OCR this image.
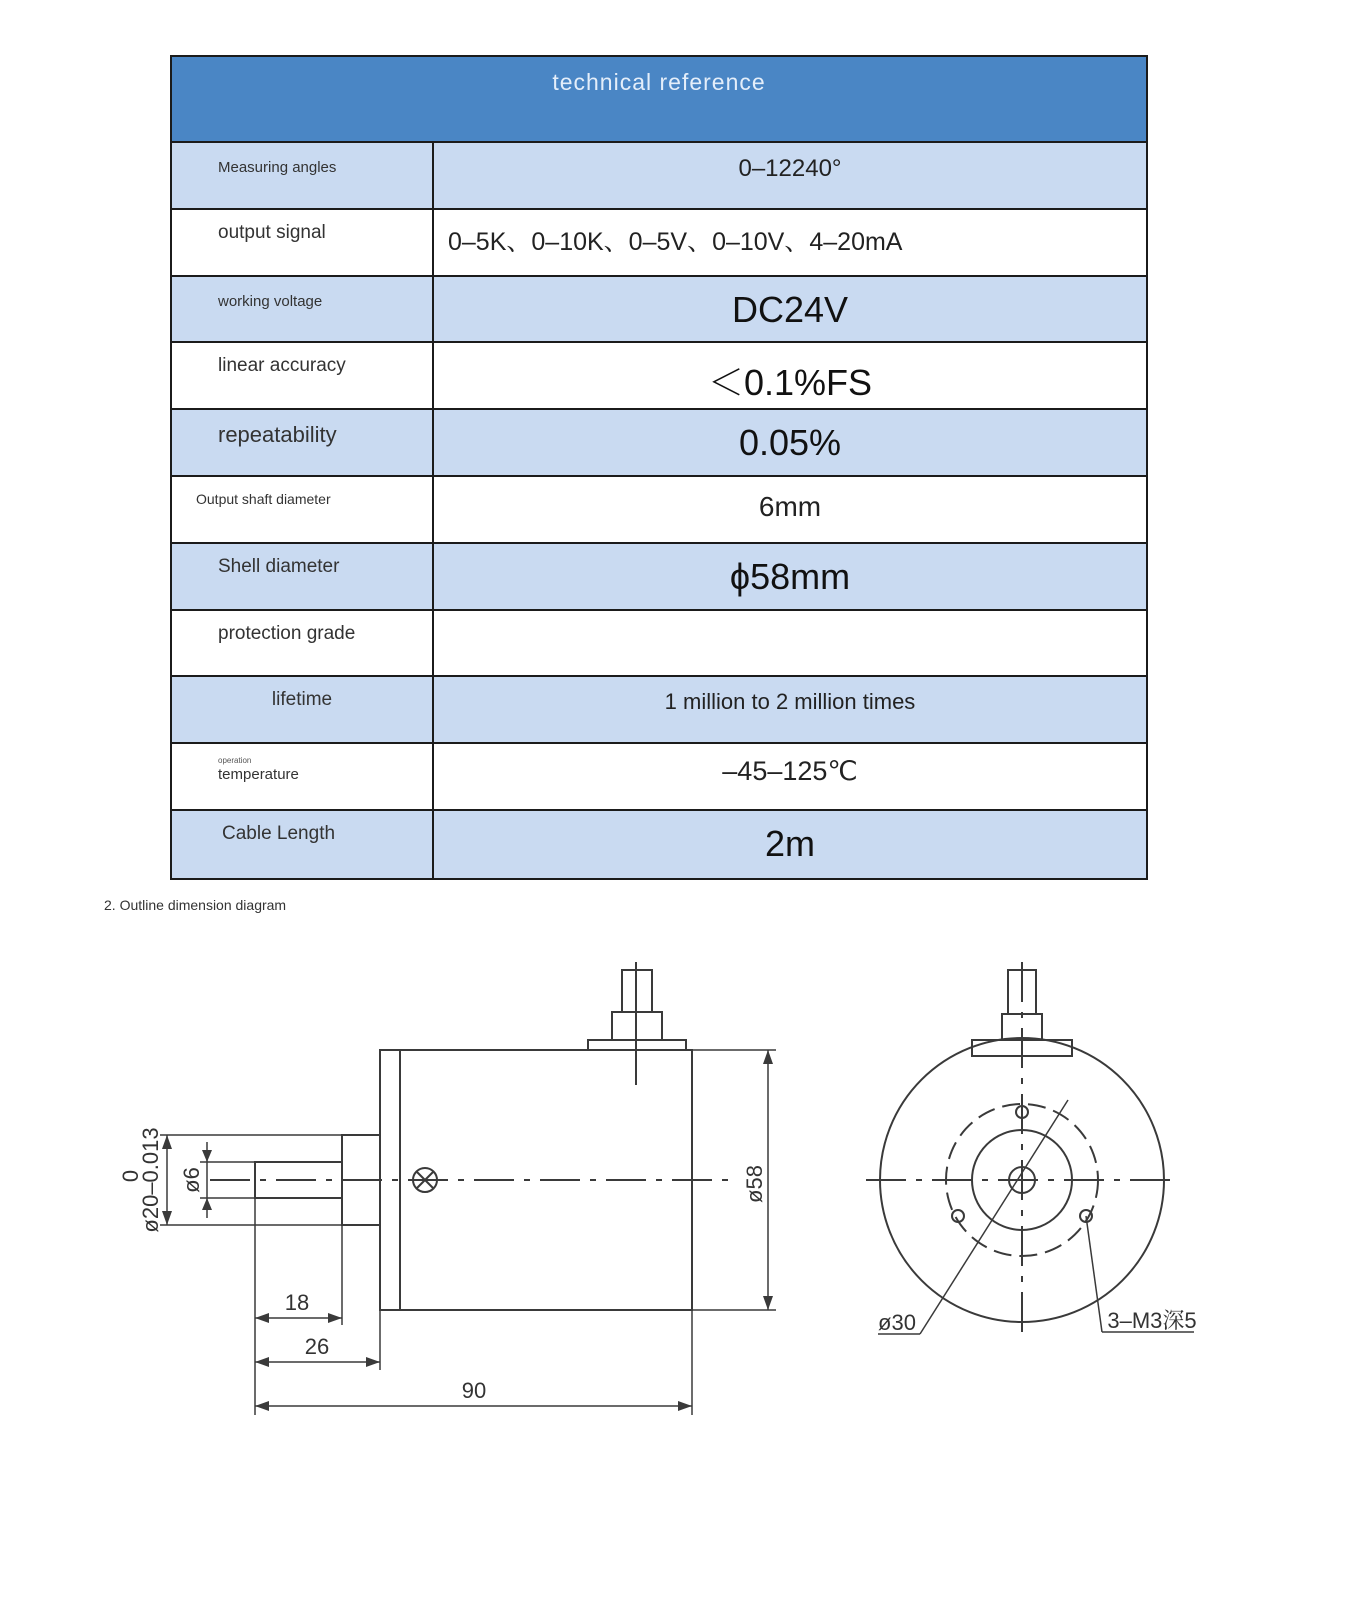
technical reference
Measuring angles	0–12240°
output signal	0–5K、0–10K、0–5V、0–10V、4–20mA
working voltage	DC24V
linear accuracy	＜0.1%FS
repeatability	0.05%
Output shaft diameter	6mm
Shell diameter	ϕ58mm
protection grade
lifetime	1 million to 2 million times
operation
temperature	–45–125℃
Cable Length	2m
2. Outline dimension diagram
18
26
90
ø58
ø20–0.013
0 ø6
ø30	3–M3深5
